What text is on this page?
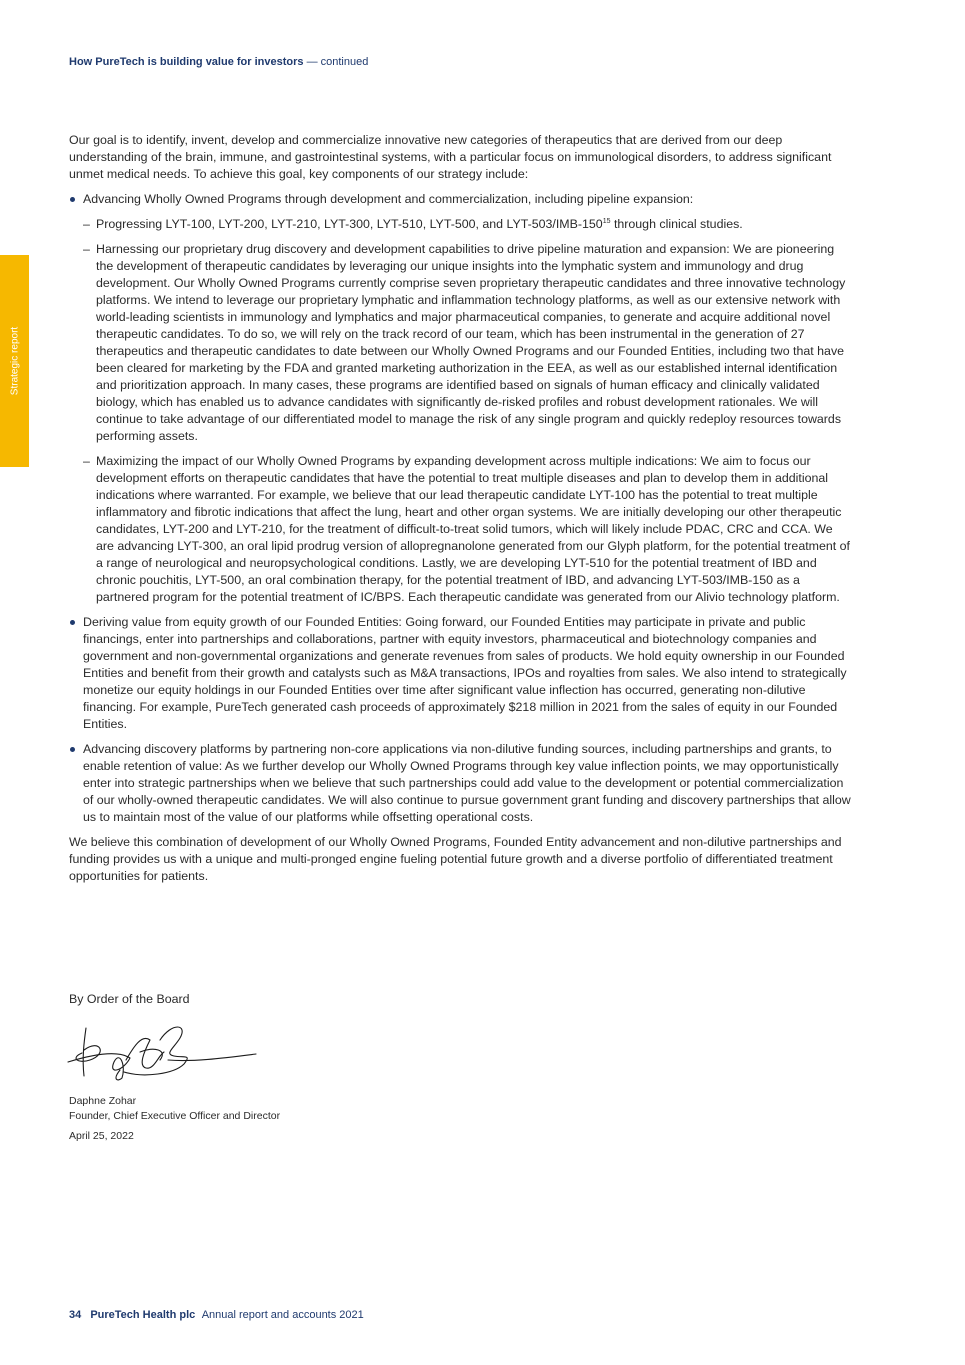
How PureTech is building value for investors — continued
Strategic report

Our goal is to identify, invent, develop and commercialize innovative new categories of therapeutics that are derived from our deep understanding of the brain, immune, and gastrointestinal systems, with a particular focus on immunological disorders, to address significant unmet medical needs. To achieve this goal, key components of our strategy include:

Advancing Wholly Owned Programs through development and commercialization, including pipeline expansion:
– Progressing LYT-100, LYT-200, LYT-210, LYT-300, LYT-510, LYT-500, and LYT-$503/IMB-150^{15}$ through clinical studies.
– Harnessing our proprietary drug discovery and development capabilities to drive pipeline maturation and expansion: We are pioneering the development of therapeutic candidates by leveraging our unique insights into the lymphatic system and immunology and drug development. Our Wholly Owned Programs currently comprise seven proprietary therapeutic candidates and three innovative technology platforms. We intend to leverage our proprietary lymphatic and inflammation technology platforms, as well as our extensive network with world-leading scientists in immunology and lymphatics and major pharmaceutical companies, to generate and acquire additional novel therapeutic candidates. To do so, we will rely on the track record of our team, which has been instrumental in the generation of 27 therapeutics and therapeutic candidates to date between our Wholly Owned Programs and our Founded Entities, including two that have been cleared for marketing by the FDA and granted marketing authorization in the EEA, as well as our established internal identification and prioritization approach. In many cases, these programs are identified based on signals of human efficacy and clinically validated biology, which has enabled us to advance candidates with significantly de-risked profiles and robust development rationales. We will continue to take advantage of our differentiated model to manage the risk of any single program and quickly redeploy resources towards performing assets.
– Maximizing the impact of our Wholly Owned Programs by expanding development across multiple indications: We aim to focus our development efforts on therapeutic candidates that have the potential to treat multiple diseases and plan to develop them in additional indications where warranted. For example, we believe that our lead therapeutic candidate LYT-100 has the potential to treat multiple inflammatory and fibrotic indications that affect the lung, heart and other organ systems. We are initially developing our other therapeutic candidates, LYT-200 and LYT-210, for the treatment of difficult-to-treat solid tumors, which will likely include PDAC, CRC and CCA. We are advancing LYT-300, an oral lipid prodrug version of allopregnanolone generated from our Glyph platform, for the potential treatment of a range of neurological and neuropsychological conditions. Lastly, we are developing LYT-510 for the potential treatment of IBD and chronic pouchitis, LYT-500, an oral combination therapy, for the potential treatment of IBD, and advancing LYT-503/IMB-150 as a partnered program for the potential treatment of IC/BPS. Each therapeutic candidate was generated from our Alivio technology platform.
Deriving value from equity growth of our Founded Entities: Going forward, our Founded Entities may participate in private and public financings, enter into partnerships and collaborations, partner with equity investors, pharmaceutical and biotechnology companies and government and non-governmental organizations and generate revenues from sales of products. We hold equity ownership in our Founded Entities and benefit from their growth and catalysts such as M&A transactions, IPOs and royalties from sales. We also intend to strategically monetize our equity holdings in our Founded Entities over time after significant value inflection has occurred, generating non-dilutive financing. For example, PureTech generated cash proceeds of approximately $218 million in 2021 from the sales of equity in our Founded Entities.
Advancing discovery platforms by partnering non-core applications via non-dilutive funding sources, including partnerships and grants, to enable retention of value: As we further develop our Wholly Owned Programs through key value inflection points, we may opportunistically enter into strategic partnerships when we believe that such partnerships could add value to the development or potential commercialization of our wholly-owned therapeutic candidates. We will also continue to pursue government grant funding and discovery partnerships that allow us to maintain most of the value of our platforms while offsetting operational costs.

We believe this combination of development of our Wholly Owned Programs, Founded Entity advancement and non-dilutive partnerships and funding provides us with a unique and multi-pronged engine fueling potential future growth and a diverse portfolio of differentiated treatment opportunities for patients.

By Order of the Board
Daphne Zohar
Founder, Chief Executive Officer and Director
April 25, 2022
34 PureTech Health plc Annual report and accounts 2021
